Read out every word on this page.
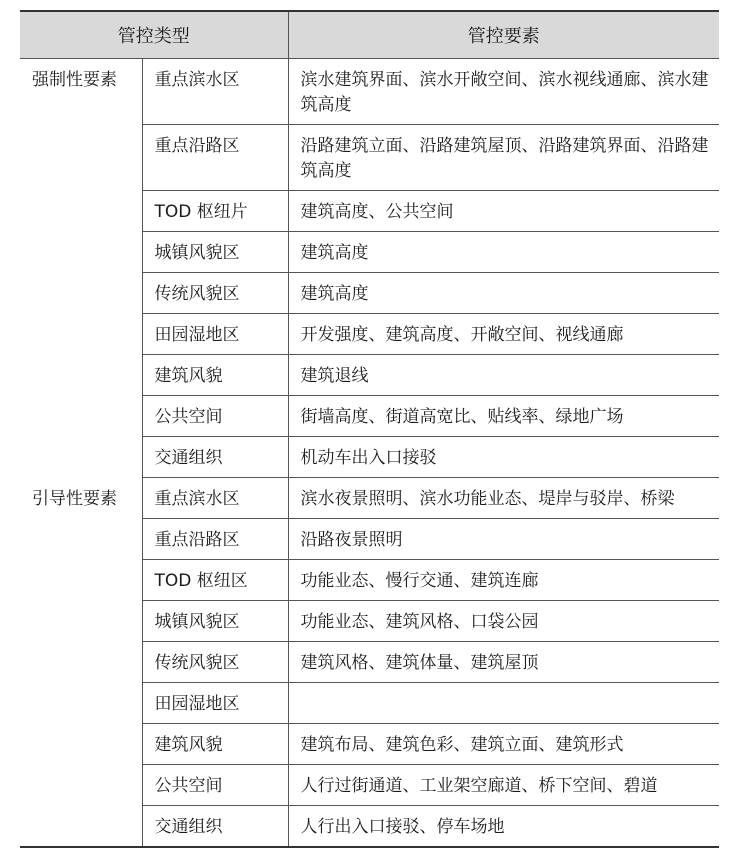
管控类型		管控要素
强制性要素	重点滨水区	滨水建筑界面、滨水开敞空间、滨水视线通廊、滨水建筑高度
	重点沿路区	沿路建筑立面、沿路建筑屋顶、沿路建筑界面、沿路建筑高度
	TOD 枢纽片	建筑高度、公共空间
	城镇风貌区	建筑高度
	传统风貌区	建筑高度
	田园湿地区	开发强度、建筑高度、开敞空间、视线通廊
	建筑风貌	建筑退线
	公共空间	街墙高度、街道高宽比、贴线率、绿地广场
	交通组织	机动车出入口接驳
引导性要素	重点滨水区	滨水夜景照明、滨水功能业态、堤岸与驳岸、桥梁
	重点沿路区	沿路夜景照明
	TOD 枢纽区	功能业态、慢行交通、建筑连廊
	城镇风貌区	功能业态、建筑风格、口袋公园
	传统风貌区	建筑风格、建筑体量、建筑屋顶
	田园湿地区	
	建筑风貌	建筑布局、建筑色彩、建筑立面、建筑形式
	公共空间	人行过街通道、工业架空廊道、桥下空间、碧道
	交通组织	人行出入口接驳、停车场地
